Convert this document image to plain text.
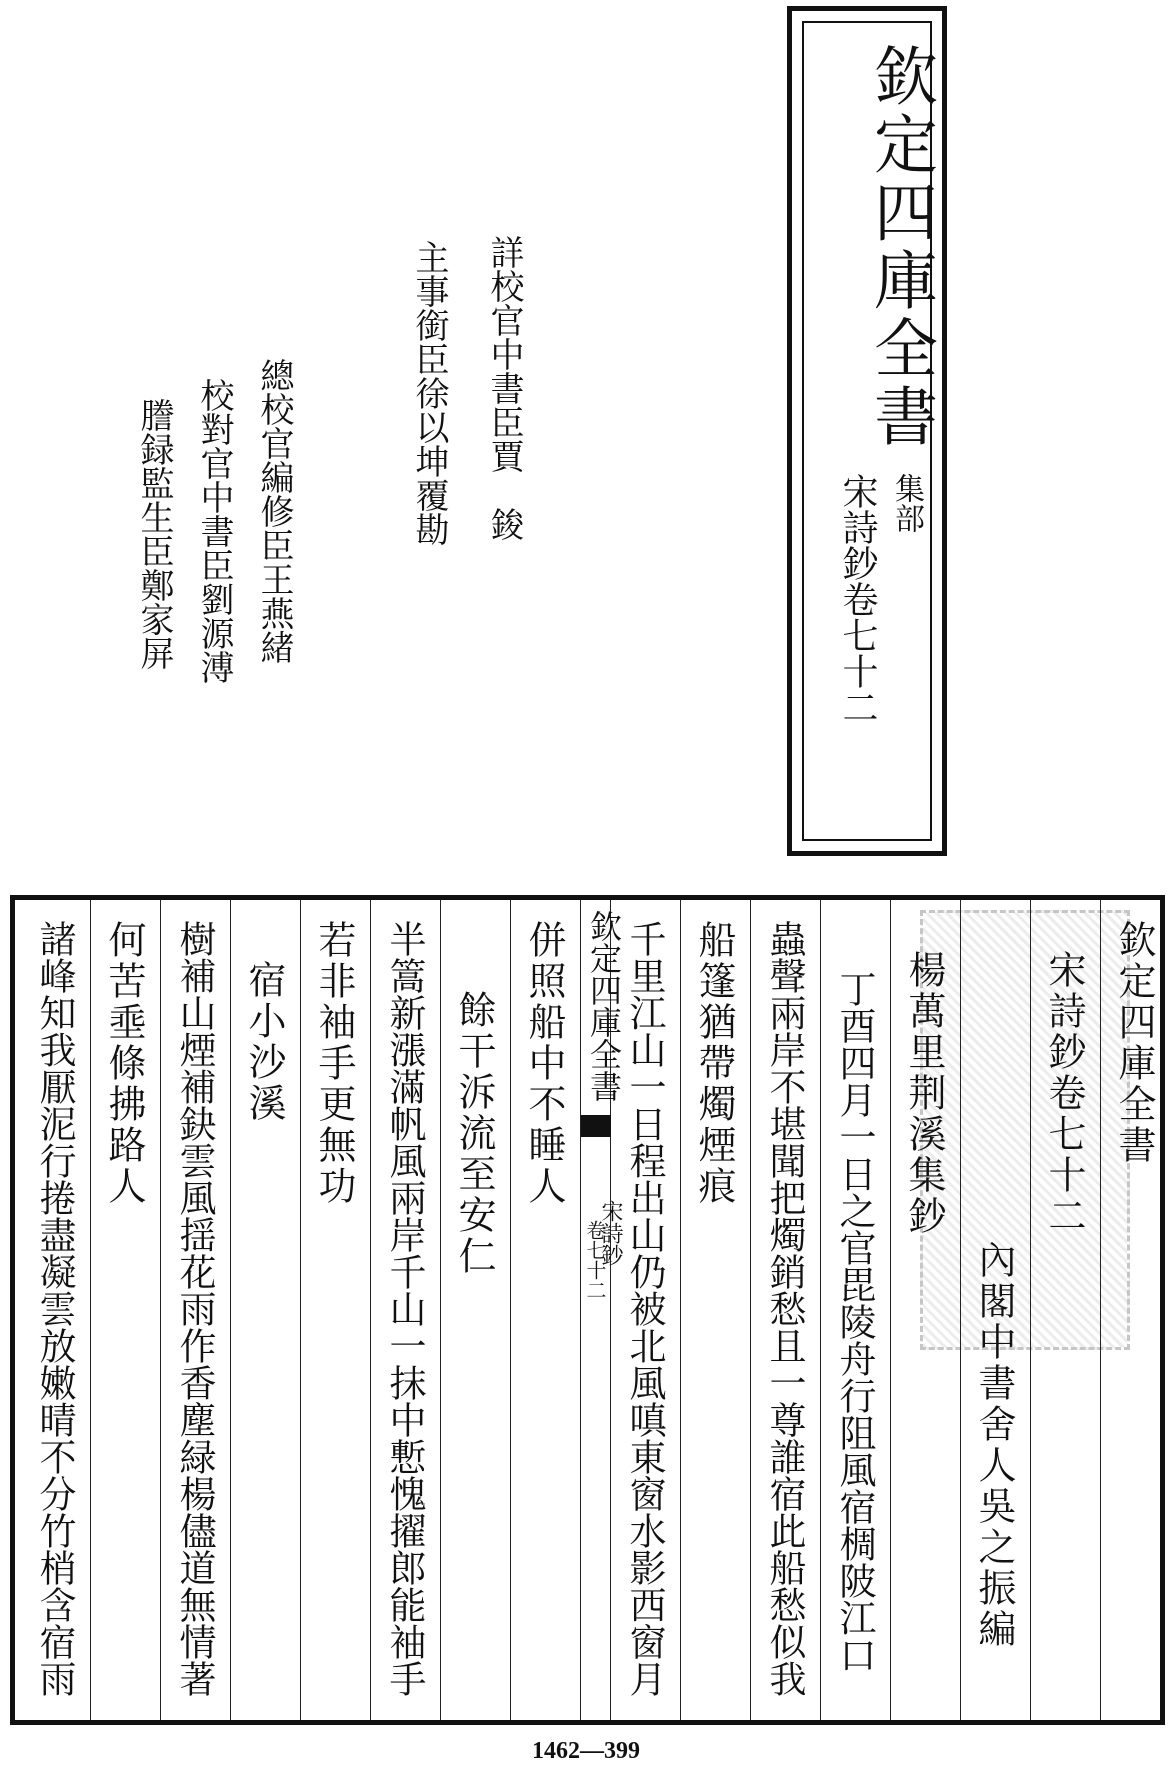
欽定四庫全書
集部
宋詩鈔卷七十二
詳校官中書臣賈　鋑
主事銜臣徐以坤覆勘
總校官編修臣王燕緒
校對官中書臣劉源溥
謄録監生臣鄭家屏
欽定四庫全書
宋詩鈔卷七十二
內閣中書舍人吳之振編
楊萬里荆溪集鈔
丁酉四月一日之官毘陵舟行阻風宿椆陂江口
蟲聲兩岸不堪聞把燭銷愁且一尊誰宿此船愁似我
船篷猶帶燭煙痕
千里江山一日程出山仍被北風嗔東窗水影西窗月
欽定四庫全書
宋詩鈔
卷七十二
併照船中不睡人
餘干泝流至安仁
半篙新漲滿帆風兩岸千山一抹中慙愧擢郎能袖手
若非袖手更無功
宿小沙溪
樹補山煙補鈌雲風揺花雨作香塵緑楊儘道無情著
何苦埀條拂路人
諸峰知我厭泥行捲盡凝雲放嫩晴不分竹梢含宿雨
1462—399
